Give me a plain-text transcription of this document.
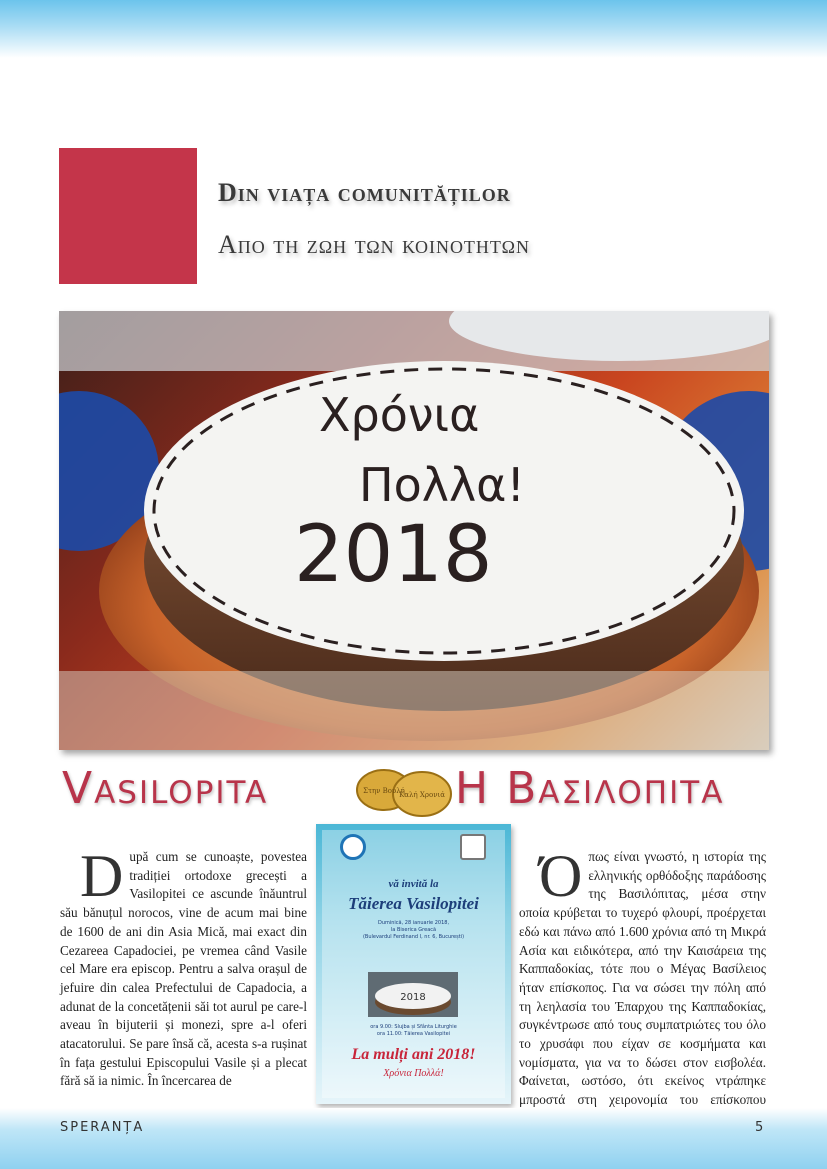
Din viața comunităților
Απο τη ζωη των κοινοτητων
Χρόνια
Πολλα!
2018
Vasilopita	Στην Βουλή
Καλή Χρονιά Η Βασιλοπιτα
După cum se cunoaște, povestea tradiției ortodoxe grecești a Vasilopitei ce ascunde înăuntrul său bănuțul norocos, vine de acum mai bine de 1600 de ani din Asia Mică, mai exact din Cezareea Capadociei, pe vremea când Vasile cel Mare era episcop. Pentru a salva orașul de jefuire din calea Prefectului de Capadocia, a adunat de la concetățenii săi tot aurul pe care-l aveau în bijuterii și monezi, spre a-l oferi atacatorului. Se pare însă că, acesta s-a rușinat în fața gestului Episcopului Vasile și a plecat fără să ia nimic. În încercarea de
vă invită la
Tăierea Vasilopitei
Duminică, 28 ianuarie 2018,
la Biserica Greacă
(Bulevardul Ferdinand I, nr. 6, București)
2018
ora 9.00: Slujba și Sfânta Liturghie
ora 11.00: Tăierea Vasilopitei
La mulți ani 2018!
Χρόνια Πολλά!
Όπως είναι γνωστό, η ιστορία της ελληνικής ορθόδοξης παράδοσης της Βασιλόπιτας, μέσα στην οποία κρύβεται το τυχερό φλουρί, προέρχεται εδώ και πάνω από 1.600 χρόνια από τη Μικρά Ασία και ειδικότερα, από την Καισάρεια της Καππαδοκίας, τότε που ο Μέγας Βασίλειος ήταν επίσκοπος. Για να σώσει την πόλη από τη λεηλασία του Έπαρχου της Καππαδοκίας, συγκέντρωσε από τους συμπατριώτες του όλο το χρυσάφι που είχαν σε κοσμήματα και νομίσματα, για να το δώσει στον εισβολέα. Φαίνεται, ωστόσο, ότι εκείνος ντράπηκε μπροστά στη χειρονομία του επίσκοπου
SPERANȚA	5
